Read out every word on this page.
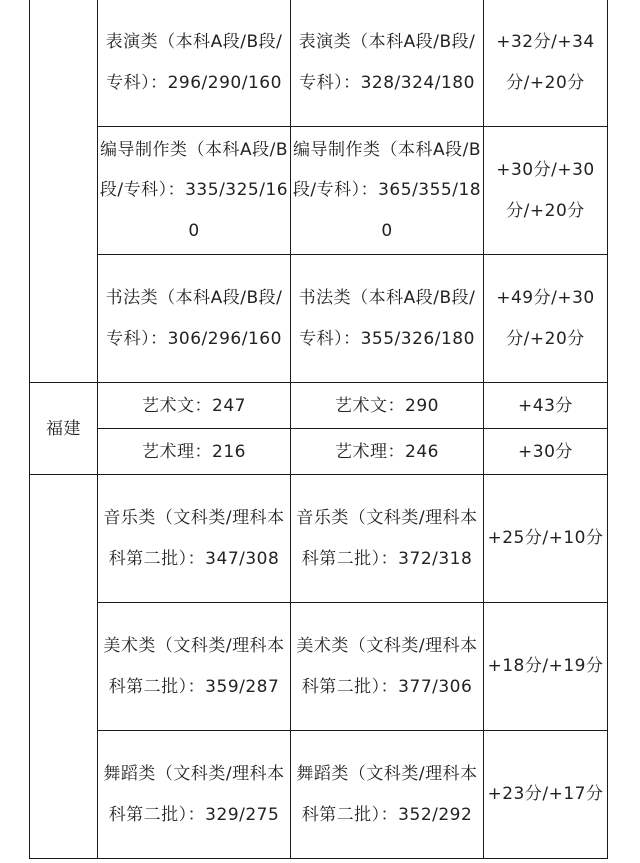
	表演类（本科A段/B段/专科）：296/290/160	表演类（本科A段/B段/专科）：328/324/180	+32分/+34分/+20分
	编导制作类（本科A段/B段/专科）：335/325/160	编导制作类（本科A段/B段/专科）：365/355/180	+30分/+30分/+20分
	书法类（本科A段/B段/专科）：306/296/160	书法类（本科A段/B段/专科）：355/326/180	+49分/+30分/+20分
福建	艺术文：247	艺术文：290	+43分
	艺术理：216	艺术理：246	+30分
	音乐类（文科类/理科本科第二批）：347/308	音乐类（文科类/理科本科第二批）：372/318	+25分/+10分
	美术类（文科类/理科本科第二批）：359/287	美术类（文科类/理科本科第二批）：377/306	+18分/+19分
	舞蹈类（文科类/理科本科第二批）：329/275	舞蹈类（文科类/理科本科第二批）：352/292	+23分/+17分
